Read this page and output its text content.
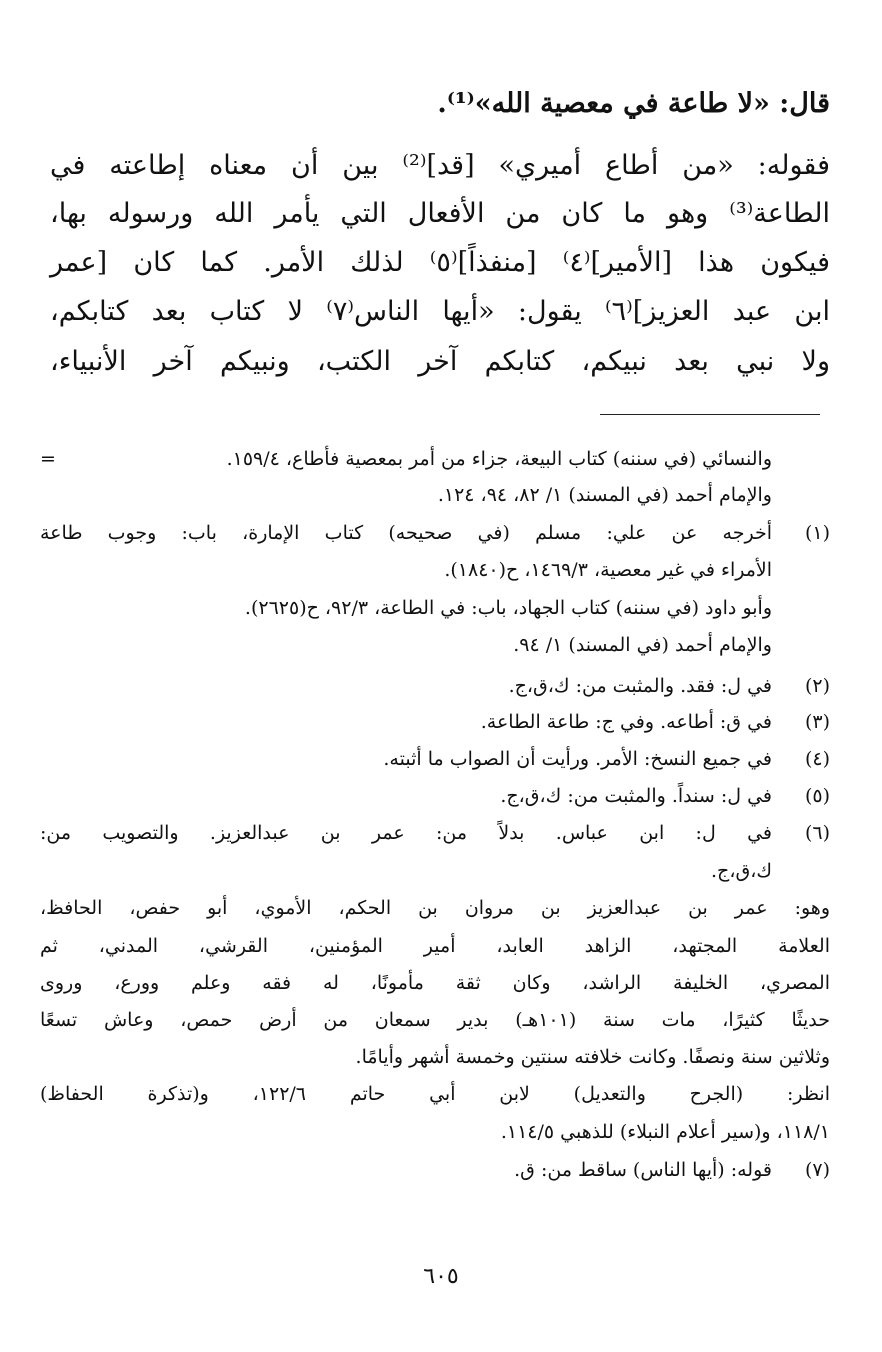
قال: «لا طاعة في معصية الله»⁽¹⁾.
فقوله: «من أطاع أميري» [قد]⁽²⁾ بين أن معناه إطاعته في
الطاعة⁽³⁾ وهو ما كان من الأفعال التي يأمر الله ورسوله بها،
فيكون هذا [الأمير]⁽٤⁾ [منفذاً]⁽٥⁾ لذلك الأمر. كما كان [عمر
ابن عبد العزيز]⁽٦⁾ يقول: «أيها الناس⁽٧⁾ لا كتاب بعد كتابكم،
ولا نبي بعد نبيكم، كتابكم آخر الكتب، ونبيكم آخر الأنبياء،
والنسائي (في سننه) كتاب البيعة، جزاء من أمر بمعصية فأطاع، ١٥٩/٤.
=
والإمام أحمد (في المسند) ١/ ٨٢، ٩٤، ١٢٤.
(١)
أخرجه عن علي: مسلم (في صحيحه) كتاب الإمارة، باب: وجوب طاعة
الأمراء في غير معصية، ١٤٦٩/٣، ح(١٨٤٠).
وأبو داود (في سننه) كتاب الجهاد، باب: في الطاعة، ٩٢/٣، ح(٢٦٢٥).
والإمام أحمد (في المسند) ١/ ٩٤.
(٢)
في ل: فقد. والمثبت من: ك،ق،ج.
(٣)
في ق: أطاعه. وفي ج: طاعة الطاعة.
(٤)
في جميع النسخ: الأمر. ورأيت أن الصواب ما أثبته.
(٥)
في ل: سنداً. والمثبت من: ك،ق،ج.
(٦)
في ل: ابن عباس. بدلاً من: عمر بن عبدالعزيز. والتصويب من:
ك،ق،ج.
وهو: عمر بن عبدالعزيز بن مروان بن الحكم، الأموي، أبو حفص، الحافظ،
العلامة المجتهد، الزاهد العابد، أمير المؤمنين، القرشي، المدني، ثم
المصري، الخليفة الراشد، وكان ثقة مأمونًا، له فقه وعلم وورع، وروى
حديثًا كثيرًا، مات سنة (١٠١هـ) بدير سمعان من أرض حمص، وعاش تسعًا
وثلاثين سنة ونصفًا. وكانت خلافته سنتين وخمسة أشهر وأيامًا.
انظر: (الجرح والتعديل) لابن أبي حاتم ١٢٢/٦، و(تذكرة الحفاظ)
١١٨/١، و(سير أعلام النبلاء) للذهبي ١١٤/٥.
(٧)
قوله: (أيها الناس) ساقط من: ق.
٦٠٥
